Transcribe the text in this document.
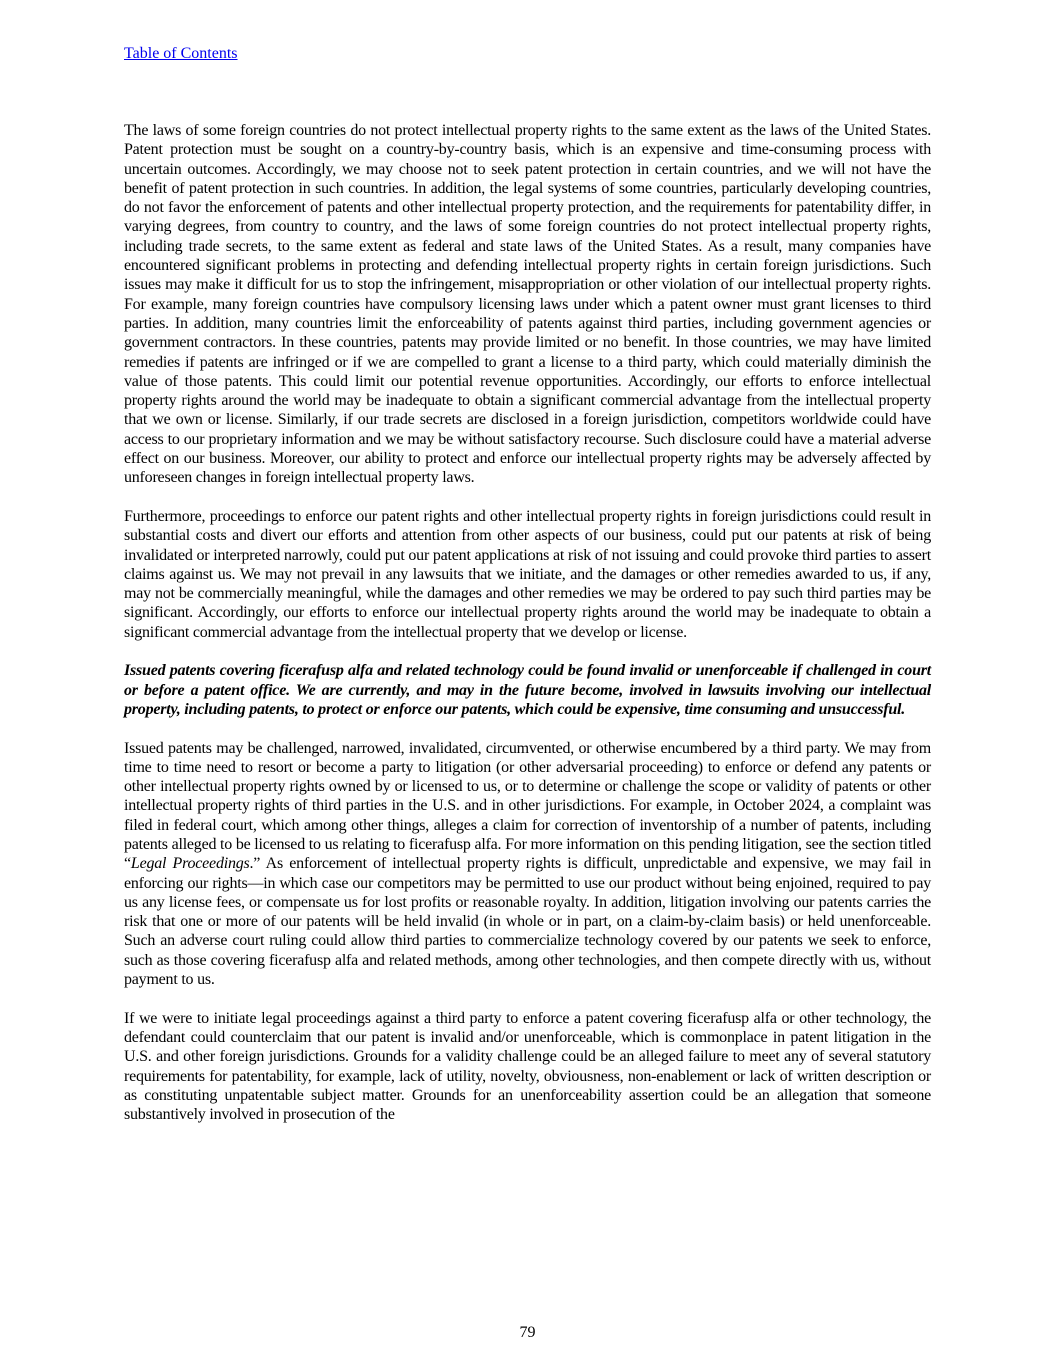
Table of Contents

The laws of some foreign countries do not protect intellectual property rights to the same extent as the laws of the United States. Patent protection must be sought on a country-by-country basis, which is an expensive and time-consuming process with uncertain outcomes. Accordingly, we may choose not to seek patent protection in certain countries, and we will not have the benefit of patent protection in such countries. In addition, the legal systems of some countries, particularly developing countries, do not favor the enforcement of patents and other intellectual property protection, and the requirements for patentability differ, in varying degrees, from country to country, and the laws of some foreign countries do not protect intellectual property rights, including trade secrets, to the same extent as federal and state laws of the United States. As a result, many companies have encountered significant problems in protecting and defending intellectual property rights in certain foreign jurisdictions. Such issues may make it difficult for us to stop the infringement, misappropriation or other violation of our intellectual property rights. For example, many foreign countries have compulsory licensing laws under which a patent owner must grant licenses to third parties. In addition, many countries limit the enforceability of patents against third parties, including government agencies or government contractors. In these countries, patents may provide limited or no benefit. In those countries, we may have limited remedies if patents are infringed or if we are compelled to grant a license to a third party, which could materially diminish the value of those patents. This could limit our potential revenue opportunities. Accordingly, our efforts to enforce intellectual property rights around the world may be inadequate to obtain a significant commercial advantage from the intellectual property that we own or license. Similarly, if our trade secrets are disclosed in a foreign jurisdiction, competitors worldwide could have access to our proprietary information and we may be without satisfactory recourse. Such disclosure could have a material adverse effect on our business. Moreover, our ability to protect and enforce our intellectual property rights may be adversely affected by unforeseen changes in foreign intellectual property laws.

Furthermore, proceedings to enforce our patent rights and other intellectual property rights in foreign jurisdictions could result in substantial costs and divert our efforts and attention from other aspects of our business, could put our patents at risk of being invalidated or interpreted narrowly, could put our patent applications at risk of not issuing and could provoke third parties to assert claims against us. We may not prevail in any lawsuits that we initiate, and the damages or other remedies awarded to us, if any, may not be commercially meaningful, while the damages and other remedies we may be ordered to pay such third parties may be significant. Accordingly, our efforts to enforce our intellectual property rights around the world may be inadequate to obtain a significant commercial advantage from the intellectual property that we develop or license.

Issued patents covering ficerafusp alfa and related technology could be found invalid or unenforceable if challenged in court or before a patent office. We are currently, and may in the future become, involved in lawsuits involving our intellectual property, including patents, to protect or enforce our patents, which could be expensive, time consuming and unsuccessful.

Issued patents may be challenged, narrowed, invalidated, circumvented, or otherwise encumbered by a third party. We may from time to time need to resort or become a party to litigation (or other adversarial proceeding) to enforce or defend any patents or other intellectual property rights owned by or licensed to us, or to determine or challenge the scope or validity of patents or other intellectual property rights of third parties in the U.S. and in other jurisdictions. For example, in October 2024, a complaint was filed in federal court, which among other things, alleges a claim for correction of inventorship of a number of patents, including patents alleged to be licensed to us relating to ficerafusp alfa. For more information on this pending litigation, see the section titled “Legal Proceedings.” As enforcement of intellectual property rights is difficult, unpredictable and expensive, we may fail in enforcing our rights—in which case our competitors may be permitted to use our product without being enjoined, required to pay us any license fees, or compensate us for lost profits or reasonable royalty. In addition, litigation involving our patents carries the risk that one or more of our patents will be held invalid (in whole or in part, on a claim-by-claim basis) or held unenforceable. Such an adverse court ruling could allow third parties to commercialize technology covered by our patents we seek to enforce, such as those covering ficerafusp alfa and related methods, among other technologies, and then compete directly with us, without payment to us.

If we were to initiate legal proceedings against a third party to enforce a patent covering ficerafusp alfa or other technology, the defendant could counterclaim that our patent is invalid and/or unenforceable, which is commonplace in patent litigation in the U.S. and other foreign jurisdictions. Grounds for a validity challenge could be an alleged failure to meet any of several statutory requirements for patentability, for example, lack of utility, novelty, obviousness, non-enablement or lack of written description or as constituting unpatentable subject matter. Grounds for an unenforceability assertion could be an allegation that someone substantively involved in prosecution of the

79
